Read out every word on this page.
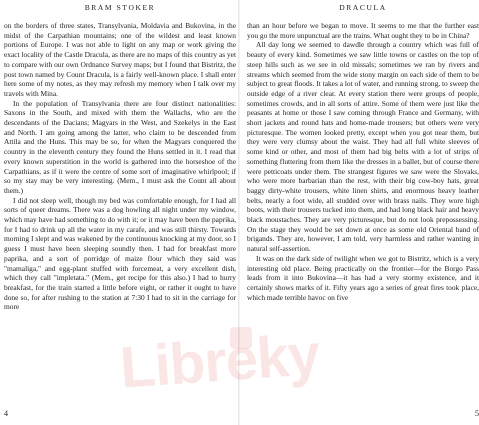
BRAM STOKER

on the borders of three states, Transylvania, Moldavia and Bukovina, in the midst of the Carpathian mountains; one of the wildest and least known portions of Europe. I was not able to light on any map or work giving the exact locality of the Castle Dracula, as there are no maps of this country as yet to compare with our own Ordnance Survey maps; but I found that Bistritz, the post town named by Count Dracula, is a fairly well-known place. I shall enter here some of my notes, as they may refresh my memory when I talk over my travels with Mina.

In the population of Transylvania there are four distinct nationalities: Saxons in the South, and mixed with them the Wallachs, who are the descendants of the Dacians; Magyars in the West, and Szekelys in the East and North. I am going among the latter, who claim to be descended from Attila and the Huns. This may be so, for when the Magyars conquered the country in the eleventh century they found the Huns settled in it. I read that every known superstition in the world is gathered into the horseshoe of the Carpathians, as if it were the centre of some sort of imaginative whirlpool; if so my stay may be very interesting. (Mem., I must ask the Count all about them.)

I did not sleep well, though my bed was comfortable enough, for I had all sorts of queer dreams. There was a dog howling all night under my window, which may have had something to do with it; or it may have been the paprika, for I had to drink up all the water in my carafe, and was still thirsty. Towards morning I slept and was wakened by the continuous knocking at my door, so I guess I must have been sleeping soundly then. I had for breakfast more paprika, and a sort of porridge of maize flour which they said was "mamaliga," and egg-plant stuffed with forcemeat, a very excellent dish, which they call "impletata." (Mem., get recipe for this also.) I had to hurry breakfast, for the train started a little before eight, or rather it ought to have done so, for after rushing to the station at 7:30 I had to sit in the carriage for more

4
DRACULA

than an hour before we began to move. It seems to me that the further east you go the more unpunctual are the trains. What ought they to be in China?

All day long we seemed to dawdle through a country which was full of beauty of every kind. Sometimes we saw little towns or castles on the top of steep hills such as we see in old missals; sometimes we ran by rivers and streams which seemed from the wide stony margin on each side of them to be subject to great floods. It takes a lot of water, and running strong, to sweep the outside edge of a river clear. At every station there were groups of people, sometimes crowds, and in all sorts of attire. Some of them were just like the peasants at home or those I saw coming through France and Germany, with short jackets and round hats and home-made trousers; but others were very picturesque. The women looked pretty, except when you got near them, but they were very clumsy about the waist. They had all full white sleeves of some kind or other, and most of them had big belts with a lot of strips of something fluttering from them like the dresses in a ballet, but of course there were petticoats under them. The strangest figures we saw were the Slovaks, who were more barbarian than the rest, with their big cow-boy hats, great baggy dirty-white trousers, white linen shirts, and enormous heavy leather belts, nearly a foot wide, all studded over with brass nails. They wore high boots, with their trousers tucked into them, and had long black hair and heavy black moustaches. They are very picturesque, but do not look prepossessing. On the stage they would be set down at once as some old Oriental band of brigands. They are, however, I am told, very harmless and rather wanting in natural self-assertion.

It was on the dark side of twilight when we got to Bistritz, which is a very interesting old place. Being practically on the frontier—for the Borgo Pass leads from it into Bukovina—it has had a very stormy existence, and it certainly shows marks of it. Fifty years ago a series of great fires took place, which made terrible havoc on five

5
Libreky
